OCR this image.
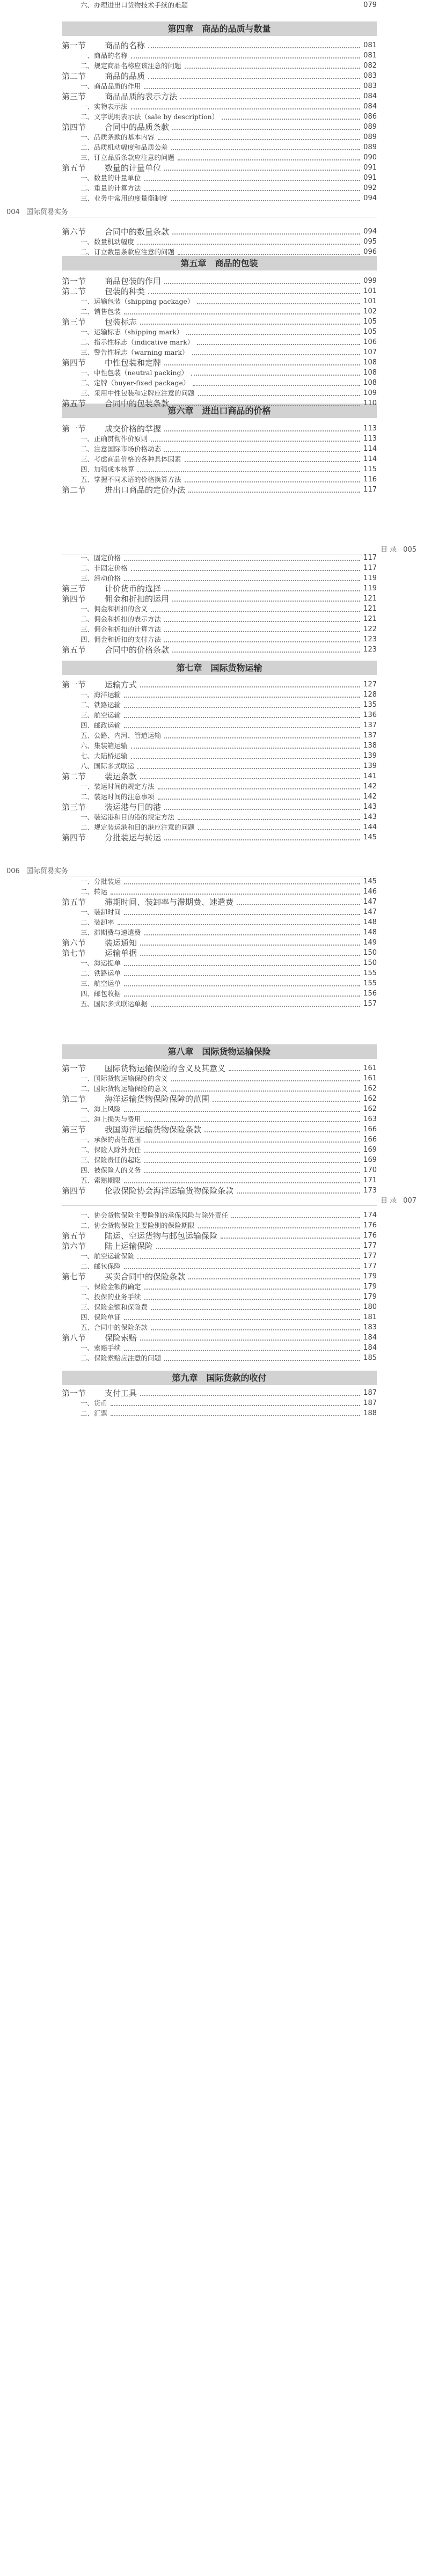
第四章　商品的品质与数量
第五章　商品的包装
第六章　进出口商品的价格
第七章　国际货物运输
第八章　国际货物运输保险
第九章　国际货款的收付
六、办理进出口货物技术手续的难题	079
第一节 商品的名称	081
一、商品的名称	081
二、规定商品名称应该注意的问题	082
第二节 商品的品质	083
一、商品品质的作用	083
第三节 商品品质的表示方法	084
一、实物表示法	084
二、文字说明表示法（sale by description）	086
第四节 合同中的品质条款	089
一、品质条款的基本内容	089
二、品质机动幅度和品质公差	089
三、订立品质条款应注意的问题	090
第五节 数量的计量单位	091
一、数量的计量单位	091
二、重量的计算方法	092
三、业务中常用的度量衡制度	094
第六节 合同中的数量条款	094
一、数量机动幅度	095
二、订立数量条款应注意的问题	096
第一节 商品包装的作用	099
第二节 包装的种类	101
一、运输包装（shipping package）	101
二、销售包装	102
第三节 包装标志	105
一、运输标志（shipping mark）	105
二、指示性标志（indicative mark）	106
三、警告性标志（warning mark）	107
第四节 中性包装和定牌	108
一、中性包装（neutral packing）	108
二、定牌（buyer-fixed package）	108
三、采用中性包装和定牌应注意的问题	109
第五节 合同中的包装条款	110
第一节 成交价格的掌握	113
一、正确贯彻作价原则	113
二、注意国际市场价格动态	114
三、考虑商品价格的各种具体因素	114
四、加强成本核算	115
五、掌握不同术语的价格换算方法	116
第二节 进出口商品的定价办法	117
一、固定价格	117
二、非固定价格	117
三、滑动价格	119
第三节 计价货币的选择	119
第四节 佣金和折扣的运用	121
一、佣金和折扣的含义	121
二、佣金和折扣的表示方法	121
三、佣金和折扣的计算方法	122
四、佣金和折扣的支付方法	123
第五节 合同中的价格条款	123
第一节 运输方式	127
一、海洋运输	128
二、铁路运输	135
三、航空运输	136
四、邮政运输	137
五、公路、内河、管道运输	137
六、集装箱运输	138
七、大陆桥运输	139
八、国际多式联运	139
第二节 装运条款	141
一、装运时间的规定方法	142
二、装运时间的注意事项	142
第三节 装运港与目的港	143
一、装运港和目的港的规定方法	143
二、规定装运港和目的港应注意的问题	144
第四节 分批装运与转运	145
一、分批装运	145
二、转运	146
第五节 滞期时间、装卸率与滞期费、速遣费	147
一、装卸时间	147
二、装卸率	148
三、滞期费与速遣费	148
第六节 装运通知	149
第七节 运输单据	150
一、海运提单	150
二、铁路运单	155
三、航空运单	155
四、邮包收据	156
五、国际多式联运单据	157
第一节 国际货物运输保险的含义及其意义	161
一、国际货物运输保险的含义	161
二、国际货物运输保险的意义	162
第二节 海洋运输货物保险保障的范围	162
一、海上风险	162
二、海上损失与费用	163
第三节 我国海洋运输货物保险条款	166
一、承保的责任范围	166
二、保险人除外责任	169
三、保险责任的起讫	169
四、被保险人的义务	170
五、索赔期限	171
第四节 伦敦保险协会海洋运输货物保险条款	173
一、协会货物保险主要险别的承保风险与除外责任	174
二、协会货物保险主要险别的保险期限	176
第五节 陆运、空运货物与邮包运输保险	176
第六节 陆上运输保险	177
一、航空运输保险	177
二、邮包保险	177
第七节 买卖合同中的保险条款	179
一、保险金额的确定	179
二、投保的业务手续	179
三、保险金额和保险费	180
四、保险单证	181
五、合同中的保险条款	183
第八节 保险索赔	184
一、索赔手续	184
二、保险索赔应注意的问题	185
第一节 支付工具	187
一、货币	187
二、汇票	188
004 国际贸易实务
目 录 005
006 国际贸易实务
目 录 007
